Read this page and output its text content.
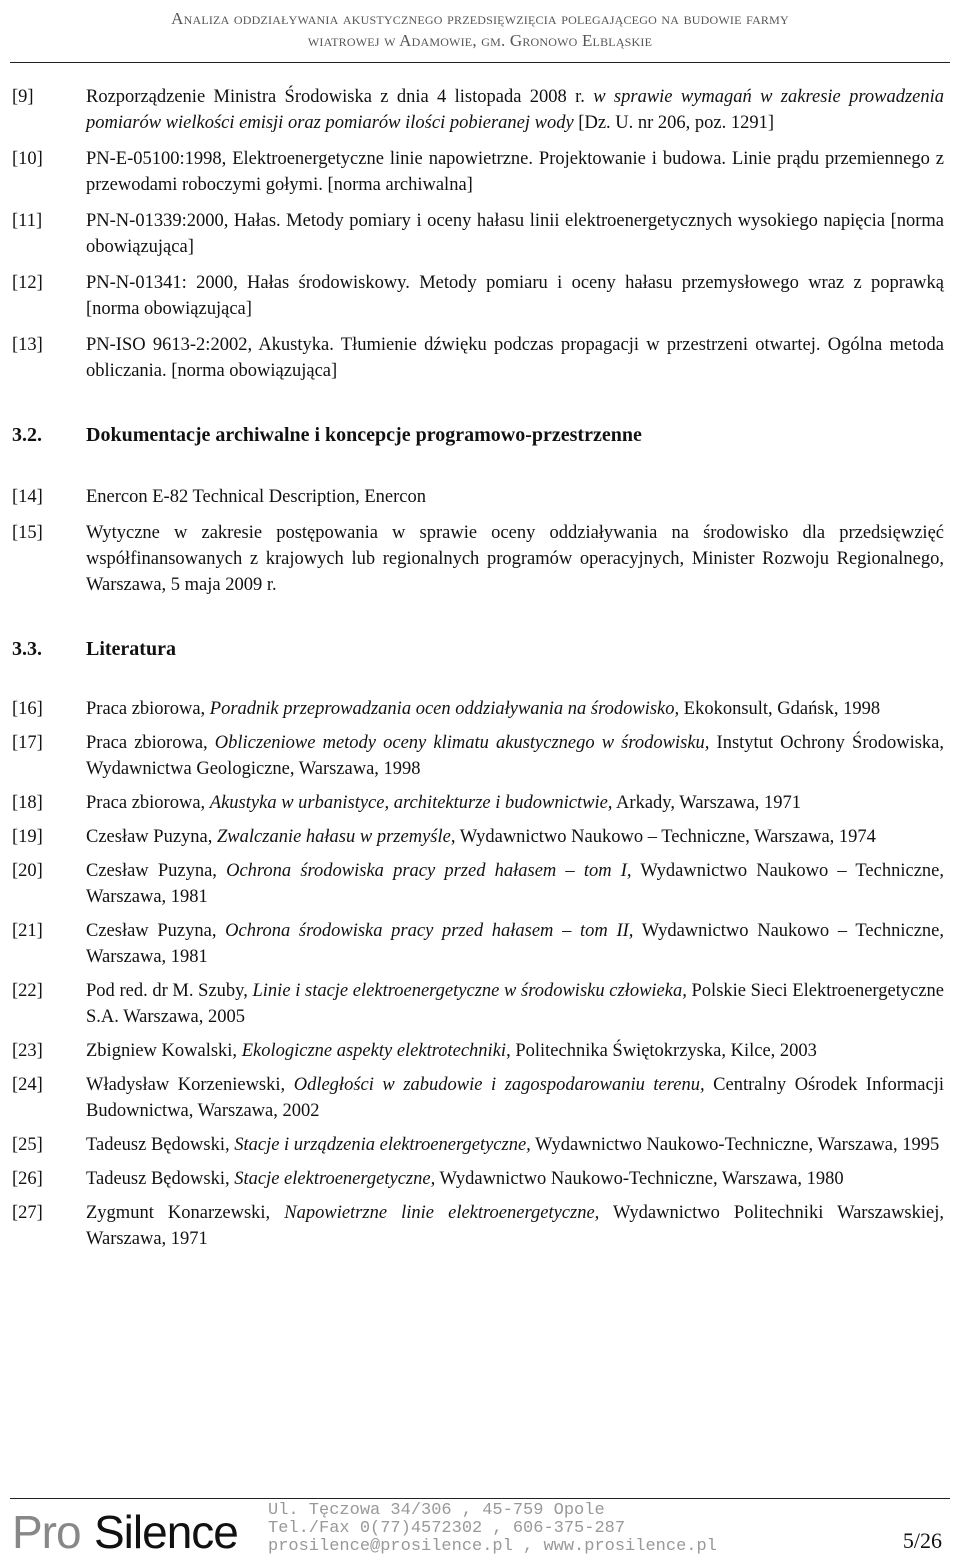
Analiza oddziaływania akustycznego przedsięwzięcia polegającego na budowie farmy
wiatrowej w Adamowie, gm. Gronowo Elbląskie
[9]	Rozporządzenie Ministra Środowiska z dnia 4 listopada 2008 r. w sprawie wymagań w zakresie prowadzenia pomiarów wielkości emisji oraz pomiarów ilości pobieranej wody [Dz. U. nr 206, poz. 1291]
[10] PN-E-05100:1998, Elektroenergetyczne linie napowietrzne. Projektowanie i budowa. Linie prądu przemiennego z przewodami roboczymi gołymi. [norma archiwalna]
[11] PN-N-01339:2000, Hałas. Metody pomiary i oceny hałasu linii elektroenergetycznych wysokiego napięcia [norma obowiązująca]
[12] PN-N-01341: 2000, Hałas środowiskowy. Metody pomiaru i oceny hałasu przemysłowego wraz z poprawką [norma obowiązująca]
[13] PN-ISO 9613-2:2002, Akustyka. Tłumienie dźwięku podczas propagacji w przestrzeni otwartej. Ogólna metoda obliczania. [norma obowiązująca]
3.2. Dokumentacje archiwalne i koncepcje programowo-przestrzenne
[14] Enercon E-82 Technical Description, Enercon
[15] Wytyczne w zakresie postępowania w sprawie oceny oddziaływania na środowisko dla przedsięwzięć współfinansowanych z krajowych lub regionalnych programów operacyjnych, Minister Rozwoju Regionalnego, Warszawa, 5 maja 2009 r.
3.3. Literatura
[16] Praca zbiorowa, Poradnik przeprowadzania ocen oddziaływania na środowisko, Ekokonsult, Gdańsk, 1998
[17] Praca zbiorowa, Obliczeniowe metody oceny klimatu akustycznego w środowisku, Instytut Ochrony Środowiska, Wydawnictwa Geologiczne, Warszawa, 1998
[18] Praca zbiorowa, Akustyka w urbanistyce, architekturze i budownictwie, Arkady, Warszawa, 1971
[19] Czesław Puzyna, Zwalczanie hałasu w przemyśle, Wydawnictwo Naukowo – Techniczne, Warszawa, 1974
[20] Czesław Puzyna, Ochrona środowiska pracy przed hałasem – tom I, Wydawnictwo Naukowo – Techniczne, Warszawa, 1981
[21] Czesław Puzyna, Ochrona środowiska pracy przed hałasem – tom II, Wydawnictwo Naukowo – Techniczne, Warszawa, 1981
[22] Pod red. dr M. Szuby, Linie i stacje elektroenergetyczne w środowisku człowieka, Polskie Sieci Elektroenergetyczne S.A. Warszawa, 2005
[23] Zbigniew Kowalski, Ekologiczne aspekty elektrotechniki, Politechnika Świętokrzyska, Kilce, 2003
[24] Władysław Korzeniewski, Odległości w zabudowie i zagospodarowaniu terenu, Centralny Ośrodek Informacji Budownictwa, Warszawa, 2002
[25] Tadeusz Będowski, Stacje i urządzenia elektroenergetyczne, Wydawnictwo Naukowo-Techniczne, Warszawa, 1995
[26] Tadeusz Będowski, Stacje elektroenergetyczne, Wydawnictwo Naukowo-Techniczne, Warszawa, 1980
[27] Zygmunt Konarzewski, Napowietrzne linie elektroenergetyczne, Wydawnictwo Politechniki Warszawskiej, Warszawa, 1971
Pro Silence Ul. Tęczowa 34/306 , 45-759 Opole
Tel./Fax 0(77)4572302 , 606-375-287
prosilence@prosilence.pl , www.prosilence.pl	5/26
